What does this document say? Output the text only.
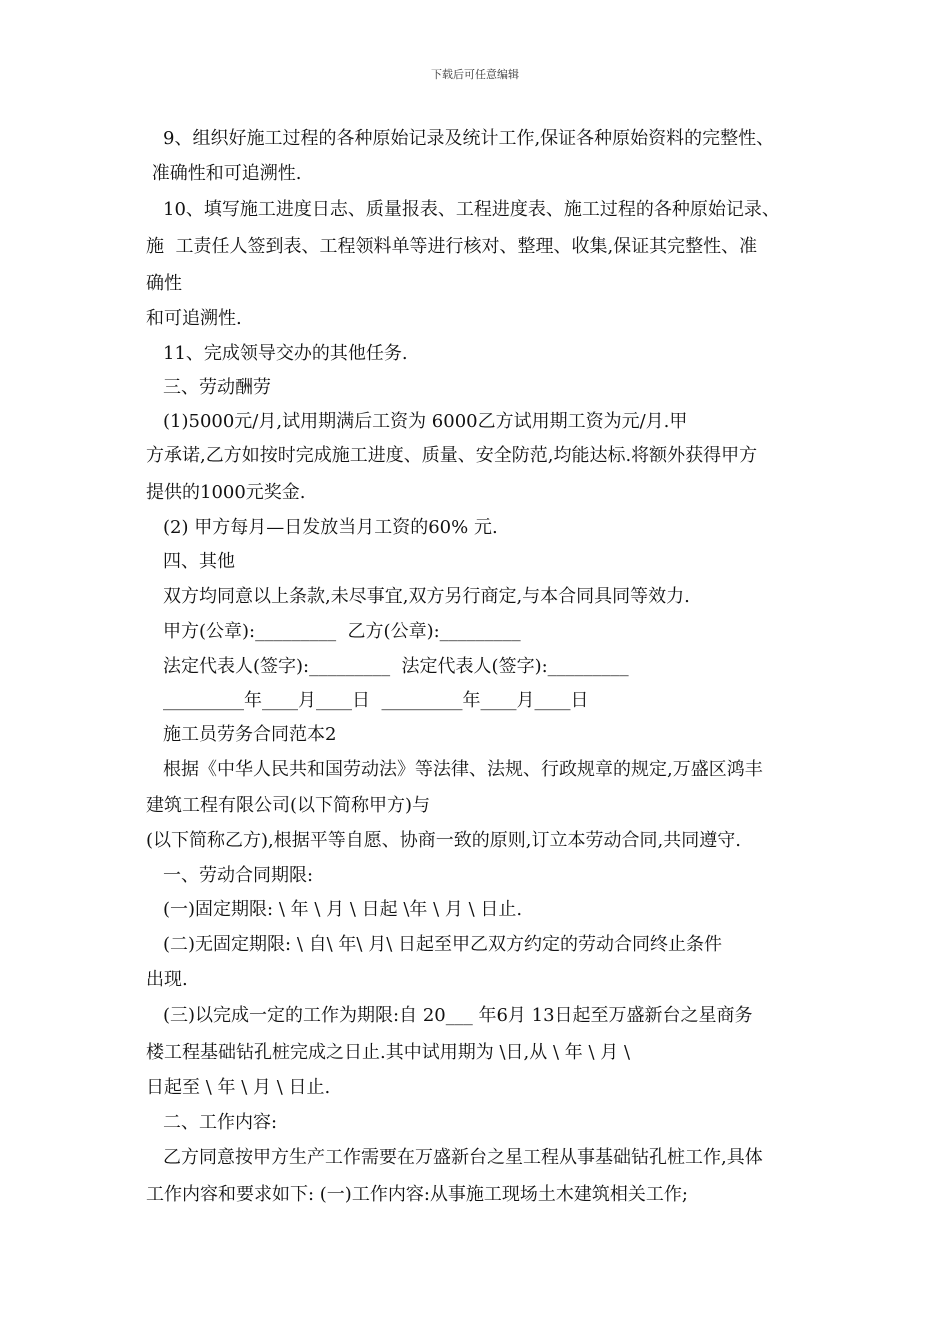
下载后可任意编辑
9、组织好施工过程的各种原始记录及统计工作,保证各种原始资料的完整性、
准确性和可追溯性.
10、填写施工进度日志、质量报表、工程进度表、施工过程的各种原始记录、
施  工责任人签到表、工程领料单等进行核对、整理、收集,保证其完整性、准
确性
和可追溯性.
11、完成领导交办的其他任务.
三、劳动酬劳
(1)5000元/月,试用期满后工资为 6000乙方试用期工资为元/月.甲
方承诺,乙方如按时完成施工进度、质量、安全防范,均能达标.将额外获得甲方
提供的1000元奖金.
(2) 甲方每月—日发放当月工资的60% 元.
四、其他
双方均同意以上条款,未尽事宜,双方另行商定,与本合同具同等效力.
甲方(公章):_________  乙方(公章):_________
法定代表人(签字):_________  法定代表人(签字):_________
_________年____月____日  _________年____月____日
施工员劳务合同范本2
根据《中华人民共和国劳动法》等法律、法规、行政规章的规定,万盛区鸿丰
建筑工程有限公司(以下简称甲方)与
(以下简称乙方),根据平等自愿、协商一致的原则,订立本劳动合同,共同遵守.
一、劳动合同期限:
(一)固定期限: \ 年 \ 月 \ 日起 \年 \ 月 \ 日止.
(二)无固定期限: \ 自\ 年\ 月\ 日起至甲乙双方约定的劳动合同终止条件
出现.
(三)以完成一定的工作为期限:自 20___ 年6月 13日起至万盛新台之星商务
楼工程基础钻孔桩完成之日止.其中试用期为 \日,从 \ 年 \ 月 \
日起至 \ 年 \ 月 \ 日止.
二、工作内容:
乙方同意按甲方生产工作需要在万盛新台之星工程从事基础钻孔桩工作,具体
工作内容和要求如下: (一)工作内容:从事施工现场土木建筑相关工作;
